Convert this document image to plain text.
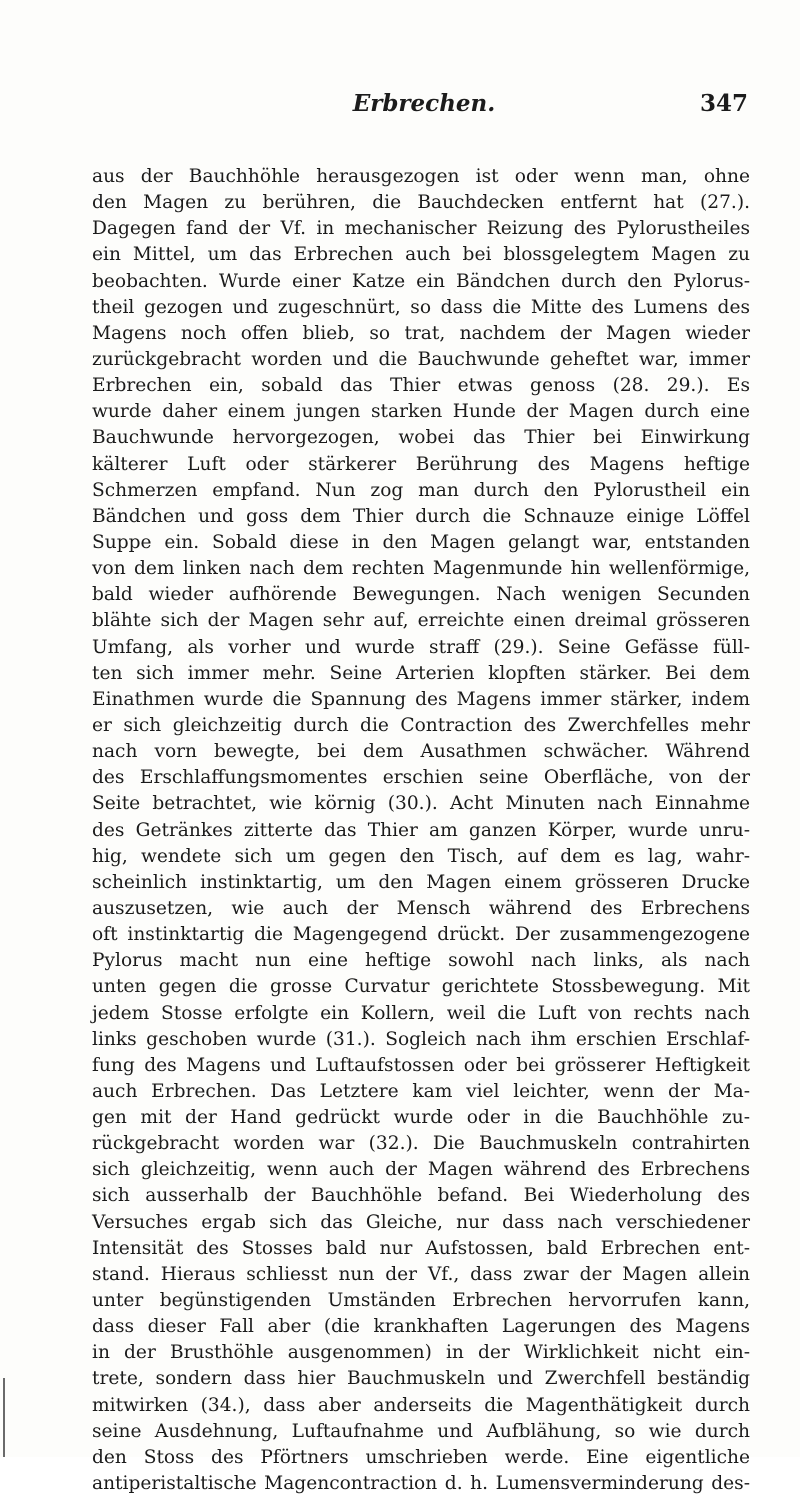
Erbrechen.	347
aus der Bauchhöhle herausgezogen ist oder wenn man, ohne
den Magen zu berühren, die Bauchdecken entfernt hat (27.).
Dagegen fand der Vf. in mechanischer Reizung des Pylorustheiles
ein Mittel, um das Erbrechen auch bei blossgelegtem Magen zu
beobachten. Wurde einer Katze ein Bändchen durch den Pylorus-
theil gezogen und zugeschnürt, so dass die Mitte des Lumens des
Magens noch offen blieb, so trat, nachdem der Magen wieder
zurückgebracht worden und die Bauchwunde geheftet war, immer
Erbrechen ein, sobald das Thier etwas genoss (28. 29.). Es
wurde daher einem jungen starken Hunde der Magen durch eine
Bauchwunde hervorgezogen, wobei das Thier bei Einwirkung
kälterer Luft oder stärkerer Berührung des Magens heftige
Schmerzen empfand. Nun zog man durch den Pylorustheil ein
Bändchen und goss dem Thier durch die Schnauze einige Löffel
Suppe ein. Sobald diese in den Magen gelangt war, entstanden
von dem linken nach dem rechten Magenmunde hin wellenförmige,
bald wieder aufhörende Bewegungen. Nach wenigen Secunden
blähte sich der Magen sehr auf, erreichte einen dreimal grösseren
Umfang, als vorher und wurde straff (29.). Seine Gefässe füll-
ten sich immer mehr. Seine Arterien klopften stärker. Bei dem
Einathmen wurde die Spannung des Magens immer stärker, indem
er sich gleichzeitig durch die Contraction des Zwerchfelles mehr
nach vorn bewegte, bei dem Ausathmen schwächer. Während
des Erschlaffungsmomentes erschien seine Oberfläche, von der
Seite betrachtet, wie körnig (30.). Acht Minuten nach Einnahme
des Getränkes zitterte das Thier am ganzen Körper, wurde unru-
hig, wendete sich um gegen den Tisch, auf dem es lag, wahr-
scheinlich instinktartig, um den Magen einem grösseren Drucke
auszusetzen, wie auch der Mensch während des Erbrechens
oft instinktartig die Magengegend drückt. Der zusammengezogene
Pylorus macht nun eine heftige sowohl nach links, als nach
unten gegen die grosse Curvatur gerichtete Stossbewegung. Mit
jedem Stosse erfolgte ein Kollern, weil die Luft von rechts nach
links geschoben wurde (31.). Sogleich nach ihm erschien Erschlaf-
fung des Magens und Luftaufstossen oder bei grösserer Heftigkeit
auch Erbrechen. Das Letztere kam viel leichter, wenn der Ma-
gen mit der Hand gedrückt wurde oder in die Bauchhöhle zu-
rückgebracht worden war (32.). Die Bauchmuskeln contrahirten
sich gleichzeitig, wenn auch der Magen während des Erbrechens
sich ausserhalb der Bauchhöhle befand. Bei Wiederholung des
Versuches ergab sich das Gleiche, nur dass nach verschiedener
Intensität des Stosses bald nur Aufstossen, bald Erbrechen ent-
stand. Hieraus schliesst nun der Vf., dass zwar der Magen allein
unter begünstigenden Umständen Erbrechen hervorrufen kann,
dass dieser Fall aber (die krankhaften Lagerungen des Magens
in der Brusthöhle ausgenommen) in der Wirklichkeit nicht ein-
trete, sondern dass hier Bauchmuskeln und Zwerchfell beständig
mitwirken (34.), dass aber anderseits die Magenthätigkeit durch
seine Ausdehnung, Luftaufnahme und Aufblähung, so wie durch
den Stoss des Pförtners umschrieben werde. Eine eigentliche
antiperistaltische Magencontraction d. h. Lumensverminderung des-
